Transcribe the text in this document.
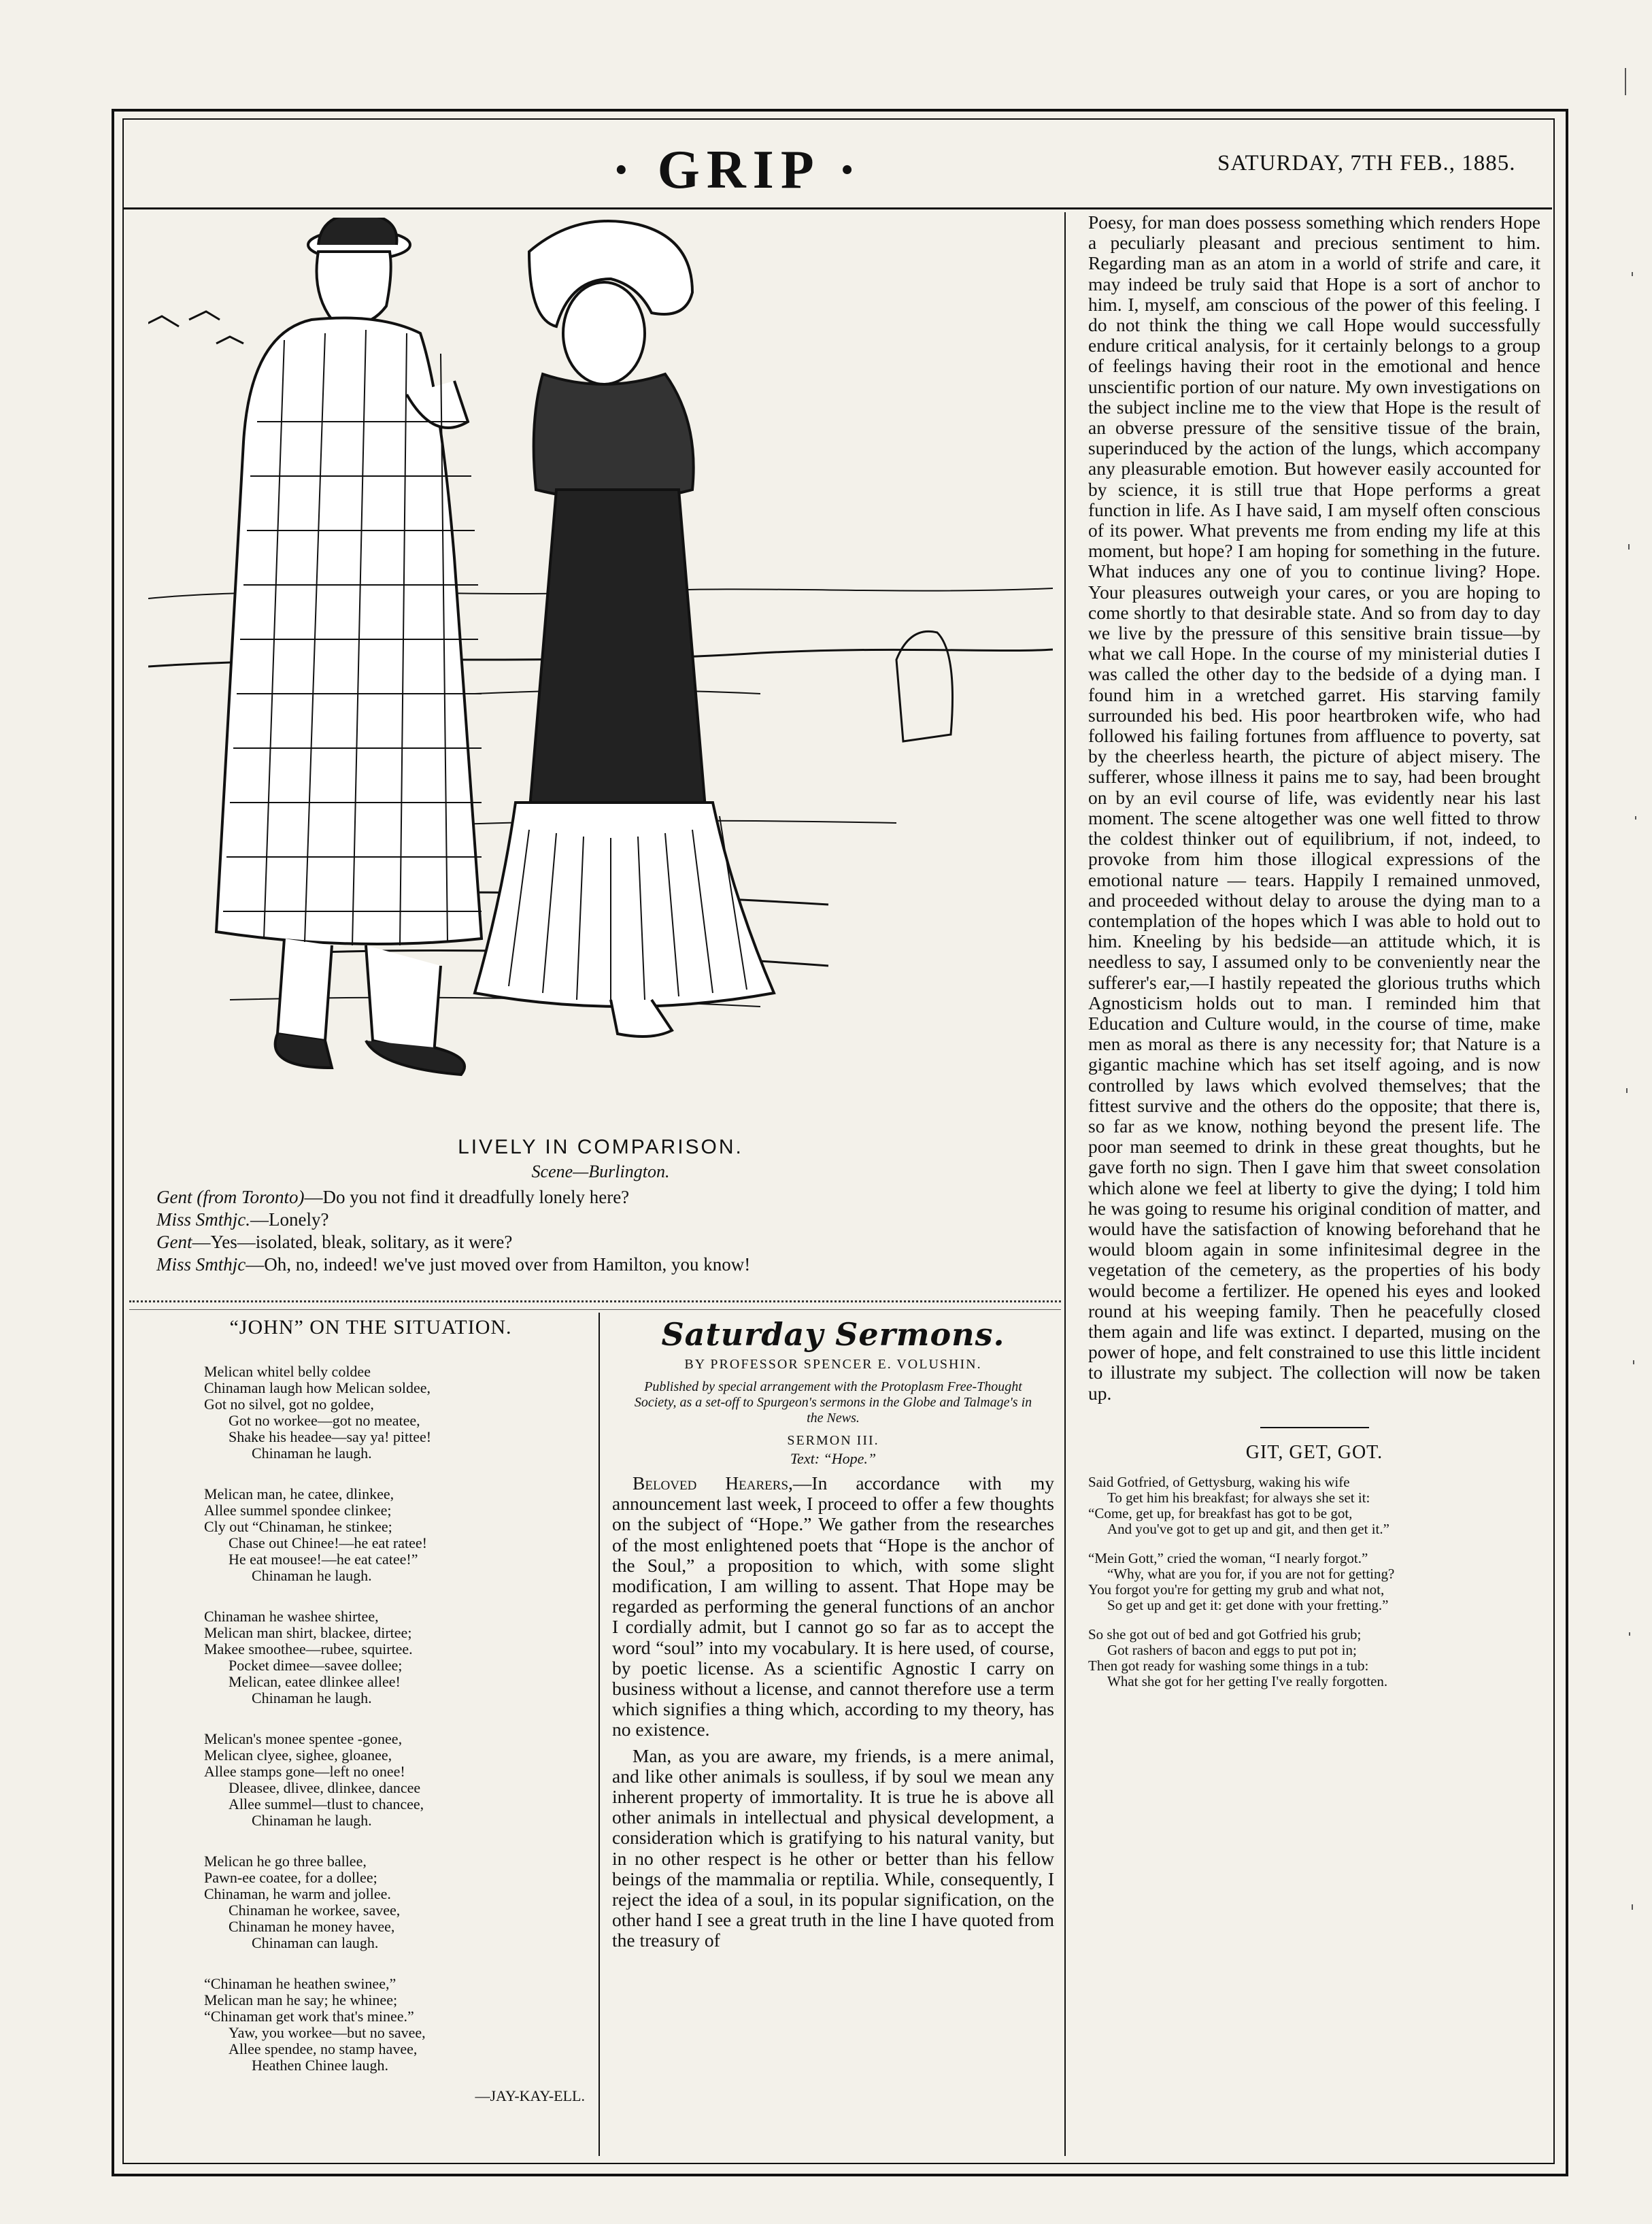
· GRIP ·	SATURDAY, 7TH FEB., 1885.
LIVELY IN COMPARISON.
Scene—Burlington.
Gent (from Toronto)—Do you not find it dreadfully lonely here?
Miss Smthjc.—Lonely?
Gent—Yes—isolated, bleak, solitary, as it were?
Miss Smthjc—Oh, no, indeed! we've just moved over from Hamilton, you know!
“JOHN” ON THE SITUATION.
Melican whitel belly coldee
Chinaman laugh how Melican soldee,
Got no silvel, got no goldee,
Got no workee—got no meatee,
Shake his headee—say ya! pittee!
Chinaman he laugh.
Melican man, he catee, dlinkee,
Allee summel spondee clinkee;
Cly out “Chinaman, he stinkee;
Chase out Chinee!—he eat ratee!
He eat mousee!—he eat catee!”
Chinaman he laugh.
Chinaman he washee shirtee,
Melican man shirt, blackee, dirtee;
Makee smoothee—rubee, squirtee.
Pocket dimee—savee dollee;
Melican, eatee dlinkee allee!
Chinaman he laugh.
Melican's monee spentee -gonee,
Melican clyee, sighee, gloanee,
Allee stamps gone—left no onee!
Dleasee, dlivee, dlinkee, dancee
Allee summel—tlust to chancee,
Chinaman he laugh.
Melican he go three ballee,
Pawn-ee coatee, for a dollee;
Chinaman, he warm and jollee.
Chinaman he workee, savee,
Chinaman he money havee,
Chinaman can laugh.
“Chinaman he heathen swinee,”
Melican man he say; he whinee;
“Chinaman get work that's minee.”
Yaw, you workee—but no savee,
Allee spendee, no stamp havee,
Heathen Chinee laugh.
—JAY-KAY-ELL.
Saturday Sermons.
BY PROFESSOR SPENCER E. VOLUSHIN.
Published by special arrangement with the Protoplasm Free-Thought Society, as a set-off to Spurgeon's sermons in the Globe and Talmage's in the News.
SERMON III.
Text: “Hope.”

Beloved Hearers,—In accordance with my announcement last week, I proceed to offer a few thoughts on the subject of “Hope.” We gather from the researches of the most enlightened poets that “Hope is the anchor of the Soul,” a proposition to which, with some slight modification, I am willing to assent. That Hope may be regarded as performing the general functions of an anchor I cordially admit, but I cannot go so far as to accept the word “soul” into my vocabulary. It is here used, of course, by poetic license. As a scientific Agnostic I carry on business without a license, and cannot therefore use a term which signifies a thing which, according to my theory, has no existence.

Man, as you are aware, my friends, is a mere animal, and like other animals is soulless, if by soul we mean any inherent property of immortality. It is true he is above all other animals in intellectual and physical development, a consideration which is gratifying to his natural vanity, but in no other respect is he other or better than his fellow beings of the mammalia or reptilia. While, consequently, I reject the idea of a soul, in its popular signification, on the other hand I see a great truth in the line I have quoted from the treasury of

Poesy, for man does possess something which renders Hope a peculiarly pleasant and precious sentiment to him. Regarding man as an atom in a world of strife and care, it may indeed be truly said that Hope is a sort of anchor to him. I, myself, am conscious of the power of this feeling. I do not think the thing we call Hope would successfully endure critical analysis, for it certainly belongs to a group of feelings having their root in the emotional and hence unscientific portion of our nature. My own investigations on the subject incline me to the view that Hope is the result of an obverse pressure of the sensitive tissue of the brain, superinduced by the action of the lungs, which accompany any pleasurable emotion. But however easily accounted for by science, it is still true that Hope performs a great function in life. As I have said, I am myself often conscious of its power. What prevents me from ending my life at this moment, but hope? I am hoping for something in the future. What induces any one of you to continue living? Hope. Your pleasures outweigh your cares, or you are hoping to come shortly to that desirable state. And so from day to day we live by the pressure of this sensitive brain tissue—by what we call Hope. In the course of my ministerial duties I was called the other day to the bedside of a dying man. I found him in a wretched garret. His starving family surrounded his bed. His poor heartbroken wife, who had followed his failing fortunes from affluence to poverty, sat by the cheerless hearth, the picture of abject misery. The sufferer, whose illness it pains me to say, had been brought on by an evil course of life, was evidently near his last moment. The scene altogether was one well fitted to throw the coldest thinker out of equilibrium, if not, indeed, to provoke from him those illogical expressions of the emotional nature — tears. Happily I remained unmoved, and proceeded without delay to arouse the dying man to a contemplation of the hopes which I was able to hold out to him. Kneeling by his bedside—an attitude which, it is needless to say, I assumed only to be conveniently near the sufferer's ear,—I hastily repeated the glorious truths which Agnosticism holds out to man. I reminded him that Education and Culture would, in the course of time, make men as moral as there is any necessity for; that Nature is a gigantic machine which has set itself agoing, and is now controlled by laws which evolved themselves; that the fittest survive and the others do the opposite; that there is, so far as we know, nothing beyond the present life. The poor man seemed to drink in these great thoughts, but he gave forth no sign. Then I gave him that sweet consolation which alone we feel at liberty to give the dying; I told him he was going to resume his original condition of matter, and would have the satisfaction of knowing beforehand that he would bloom again in some infinitesimal degree in the vegetation of the cemetery, as the properties of his body would become a fertilizer. He opened his eyes and looked round at his weeping family. Then he peacefully closed them again and life was extinct. I departed, musing on the power of hope, and felt constrained to use this little incident to illustrate my subject. The collection will now be taken up.

GIT, GET, GOT.
Said Gotfried, of Gettysburg, waking his wife
To get him his breakfast; for always she set it:
“Come, get up, for breakfast has got to be got,
And you've got to get up and git, and then get it.”
“Mein Gott,” cried the woman, “I nearly forgot.”
“Why, what are you for, if you are not for getting?
You forgot you're for getting my grub and what not,
So get up and get it: get done with your fretting.”
So she got out of bed and got Gotfried his grub;
Got rashers of bacon and eggs to put pot in;
Then got ready for washing some things in a tub:
What she got for her getting I've really forgotten.
